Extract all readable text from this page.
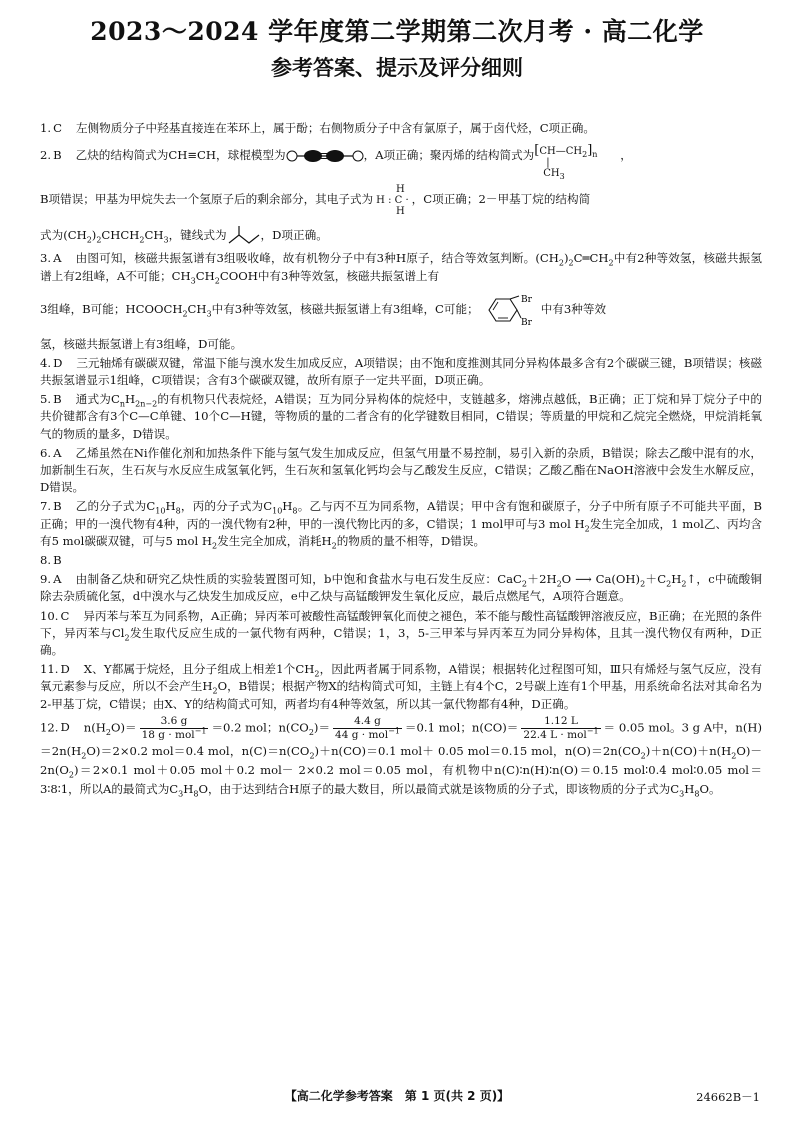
2023～2024 学年度第二学期第二次月考 · 高二化学
参考答案、提示及评分细则

1. C 左侧物质分子中羟基直接连在苯环上，属于酚；右侧物质分子中含有氯原子，属于卤代烃，C项正确。

2. B 乙炔的结构简式为CH≡CH，球棍模型为	，A项正确；聚丙烯的结构简式为$[CH—CH_2]_n$
|
$CH_3$，
B项错误；甲基为甲烷失去一个氢原子后的剩余部分，其电子式为H
H : C ·
H，C项正确；2－甲基丁烷的结构简
式为$(CH_2)_2CHCH_2CH_3$，键线式为	，D项正确。

3. A 由图可知，核磁共振氢谱有3组吸收峰，故有机物分子中有3种H原子，结合等效氢判断。$(CH_2)_2C═CH_2$中有2种等效氢，核磁共振氢谱上有2组峰，A不可能；$CH_3CH_2COOH$中有3种等效氢，核磁共振氢谱上有
3组峰，B可能；$HCOOCH_2CH_3$中有3种等效氢，核磁共振氢谱上有3组峰，C可能；
Br
Br
中有3种等效
氢，核磁共振氢谱上有3组峰，D可能。

4. D 三元轴烯有碳碳双键，常温下能与溴水发生加成反应，A项错误；由不饱和度推测其同分异构体最多含有2个碳碳三键，B项错误；核磁共振氢谱显示1组峰，C项错误；含有3个碳碳双键，故所有原子一定共平面，D项正确。

5. B 通式为$C_nH_{2n-2}$的有机物只代表烷烃，A错误；互为同分异构体的烷烃中，支链越多，熔沸点越低，B正确；正丁烷和异丁烷分子中的共价键都含有3个C—C单键、10个C—H键，等物质的量的二者含有的化学键数目相同，C错误；等质量的甲烷和乙烷完全燃烧，甲烷消耗氧气的物质的量多，D错误。

6. A 乙烯虽然在Ni作催化剂和加热条件下能与氢气发生加成反应，但氢气用量不易控制，易引入新的杂质，B错误；除去乙酸中混有的水，加新制生石灰，生石灰与水反应生成氢氧化钙，生石灰和氢氧化钙均会与乙酸发生反应，C错误；乙酸乙酯在NaOH溶液中会发生水解反应，D错误。

7. B 乙的分子式为$C_{10}H_8$，丙的分子式为$C_{10}H_8$。乙与丙不互为同系物，A错误；甲中含有饱和碳原子，分子中所有原子不可能共平面，B正确；甲的一溴代物有4种，丙的一溴代物有2种，甲的一溴代物比丙的多，C错误；1 mol甲可与3 mol $H_2$发生完全加成，1 mol乙、丙均含有5 mol碳碳双键，可与5 mol $H_2$发生完全加成，消耗$H_2$的物质的量不相等，D错误。

8. B

9. A 由制备乙炔和研究乙炔性质的实验装置图可知，b中饱和食盐水与电石发生反应：$CaC_2+2H_2O$ ⟶ $Ca(OH)_2+C_2H_2↑$，c中硫酸铜除去杂质硫化氢，d中溴水与乙炔发生加成反应，e中乙炔与高锰酸钾发生氧化反应，最后点燃尾气，A项符合题意。

10. C 异丙苯与苯互为同系物，A正确；异丙苯可被酸性高锰酸钾氧化而使之褪色，苯不能与酸性高锰酸钾溶液反应，B正确；在光照的条件下，异丙苯与$Cl_2$发生取代反应生成的一氯代物有两种，C错误；1，3，5-三甲苯与异丙苯互为同分异构体，且其一溴代物仅有两种，D正确。

11. D X、Y都属于烷烃，且分子组成上相差1个$CH_2$，因此两者属于同系物，A错误；根据转化过程图可知，Ⅲ只有烯烃与氢气反应，没有氧元素参与反应，所以不会产生$H_2O$，B错误；根据产物X的结构简式可知，主链上有4个C，2号碳上连有1个甲基，用系统命名法对其命名为2-甲基丁烷，C错误；由X、Y的结构简式可知，两者均有4种等效氢，所以其一氯代物都有4种，D正确。

12. D $n(H_2O)= \frac{3.6 g}{18 g \cdot mol^{-1}} =0.2$ mol；$n(CO_2)= \frac{4.4 g}{44 g \cdot mol^{-1}} =0.1$ mol；$n(CO)= \frac{1.12 L}{22.4 L \cdot mol^{-1}} = 0.05$ mol。3 g A中，$n(H)=2n(H_2O)=2\times 0.2$ mol＝0.4 mol，$n(C)=n(CO_2)+n(CO)=0.1$ mol＋ 0.05 mol＝0.15 mol，$n(O)=2n(CO_2)+n(CO)+n(H_2O)-2n(O_2)=2\times 0.1$ mol＋0.05 mol＋0.2 mol－ 2×0.2 mol＝0.05 mol，有机物中n(C)∶n(H)∶n(O)＝0.15 mol∶0.4 mol∶0.05 mol＝3∶8∶1，所以A的最简式为$C_3H_8O$，由于达到结合H原子的最大数目，所以最简式就是该物质的分子式，即该物质的分子式为$C_3H_8O$。

【高二化学参考答案　第 1 页(共 2 页)】	24662B－1
